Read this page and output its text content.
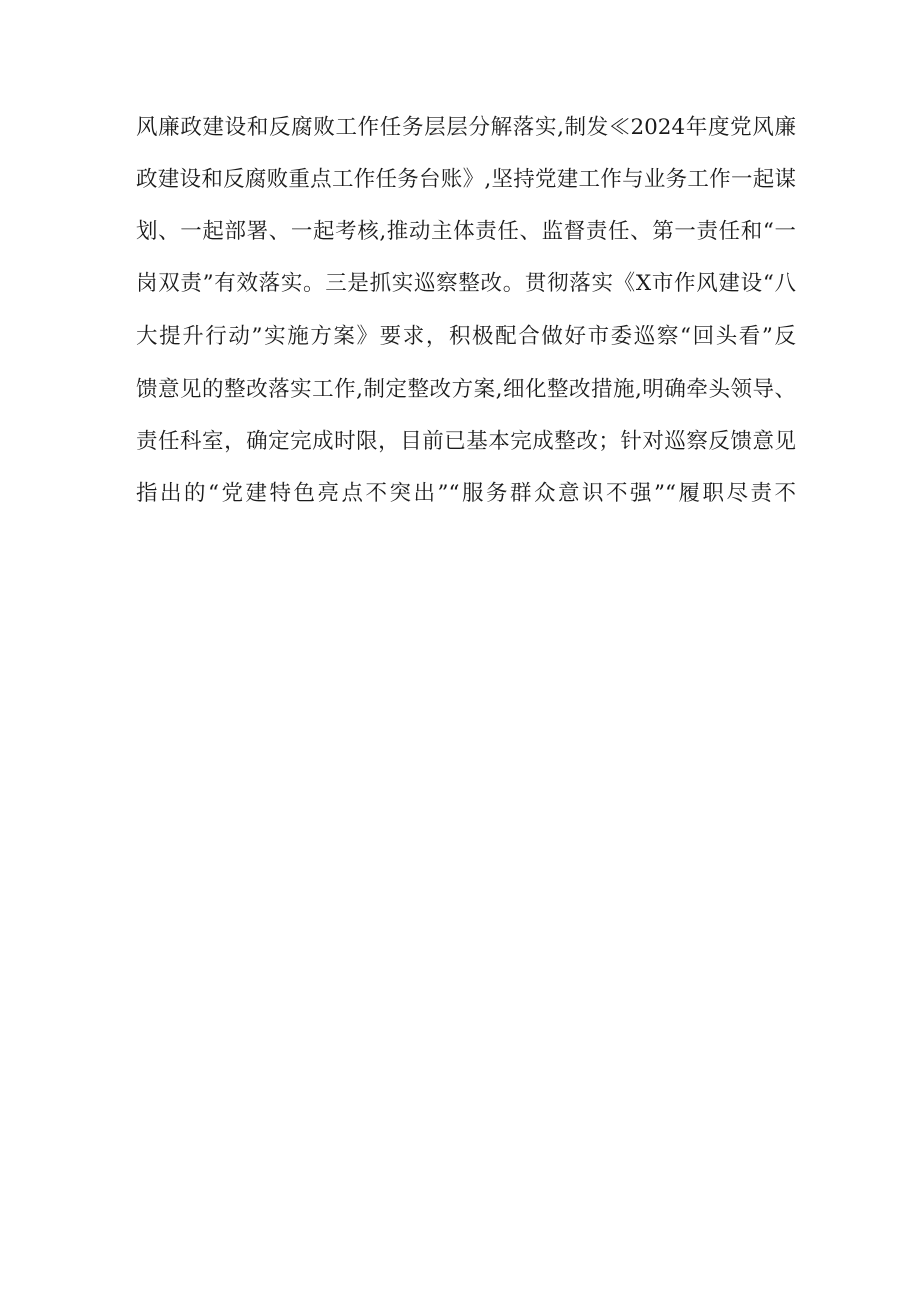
风廉政建设和反腐败工作任务层层分解落实,制发≪2024年度党风廉
政建设和反腐败重点工作任务台账》,坚持党建工作与业务工作一起谋
划、一起部署、一起考核,推动主体责任、监督责任、第一责任和“一
岗双责”有效落实。三是抓实巡察整改。贯彻落实《X市作风建设“八
大提升行动”实施方案》要求，积极配合做好市委巡察“回头看”反
馈意见的整改落实工作,制定整改方案,细化整改措施,明确牵头领导、
责任科室，确定完成时限，目前已基本完成整改；针对巡察反馈意见
指出的“党建特色亮点不突出”“服务群众意识不强”“履职尽责不
